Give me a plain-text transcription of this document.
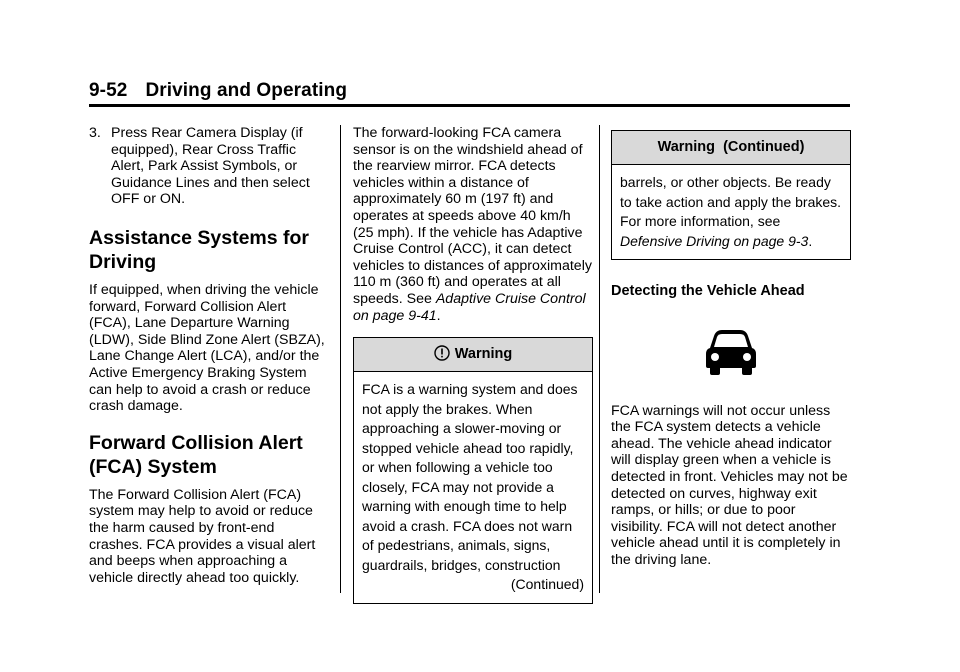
9-52 Driving and Operating
3. Press Rear Camera Display (if equipped), Rear Cross Traffic Alert, Park Assist Symbols, or Guidance Lines and then select OFF or ON.
Assistance Systems for Driving

If equipped, when driving the vehicle forward, Forward Collision Alert (FCA), Lane Departure Warning (LDW), Side Blind Zone Alert (SBZA), Lane Change Alert (LCA), and/or the Active Emergency Braking System can help to avoid a crash or reduce crash damage.

Forward Collision Alert (FCA) System

The Forward Collision Alert (FCA) system may help to avoid or reduce the harm caused by front-end crashes. FCA provides a visual alert and beeps when approaching a vehicle directly ahead too quickly.

The forward-looking FCA camera sensor is on the windshield ahead of the rearview mirror. FCA detects vehicles within a distance of approximately 60 m (197 ft) and operates at speeds above 40 km/h (25 mph). If the vehicle has Adaptive Cruise Control (ACC), it can detect vehicles to distances of approximately 110 m (360 ft) and operates at all speeds. See Adaptive Cruise Control on page 9-41.

Warning

FCA is a warning system and does not apply the brakes. When approaching a slower-moving or stopped vehicle ahead too rapidly, or when following a vehicle too closely, FCA may not provide a warning with enough time to help avoid a crash. FCA does not warn of pedestrians, animals, signs, guardrails, bridges, construction

(Continued)

Warning  (Continued)

barrels, or other objects. Be ready to take action and apply the brakes. For more information, see Defensive Driving on page 9-3.

Detecting the Vehicle Ahead

FCA warnings will not occur unless the FCA system detects a vehicle ahead. The vehicle ahead indicator will display green when a vehicle is detected in front. Vehicles may not be detected on curves, highway exit ramps, or hills; or due to poor visibility. FCA will not detect another vehicle ahead until it is completely in the driving lane.
